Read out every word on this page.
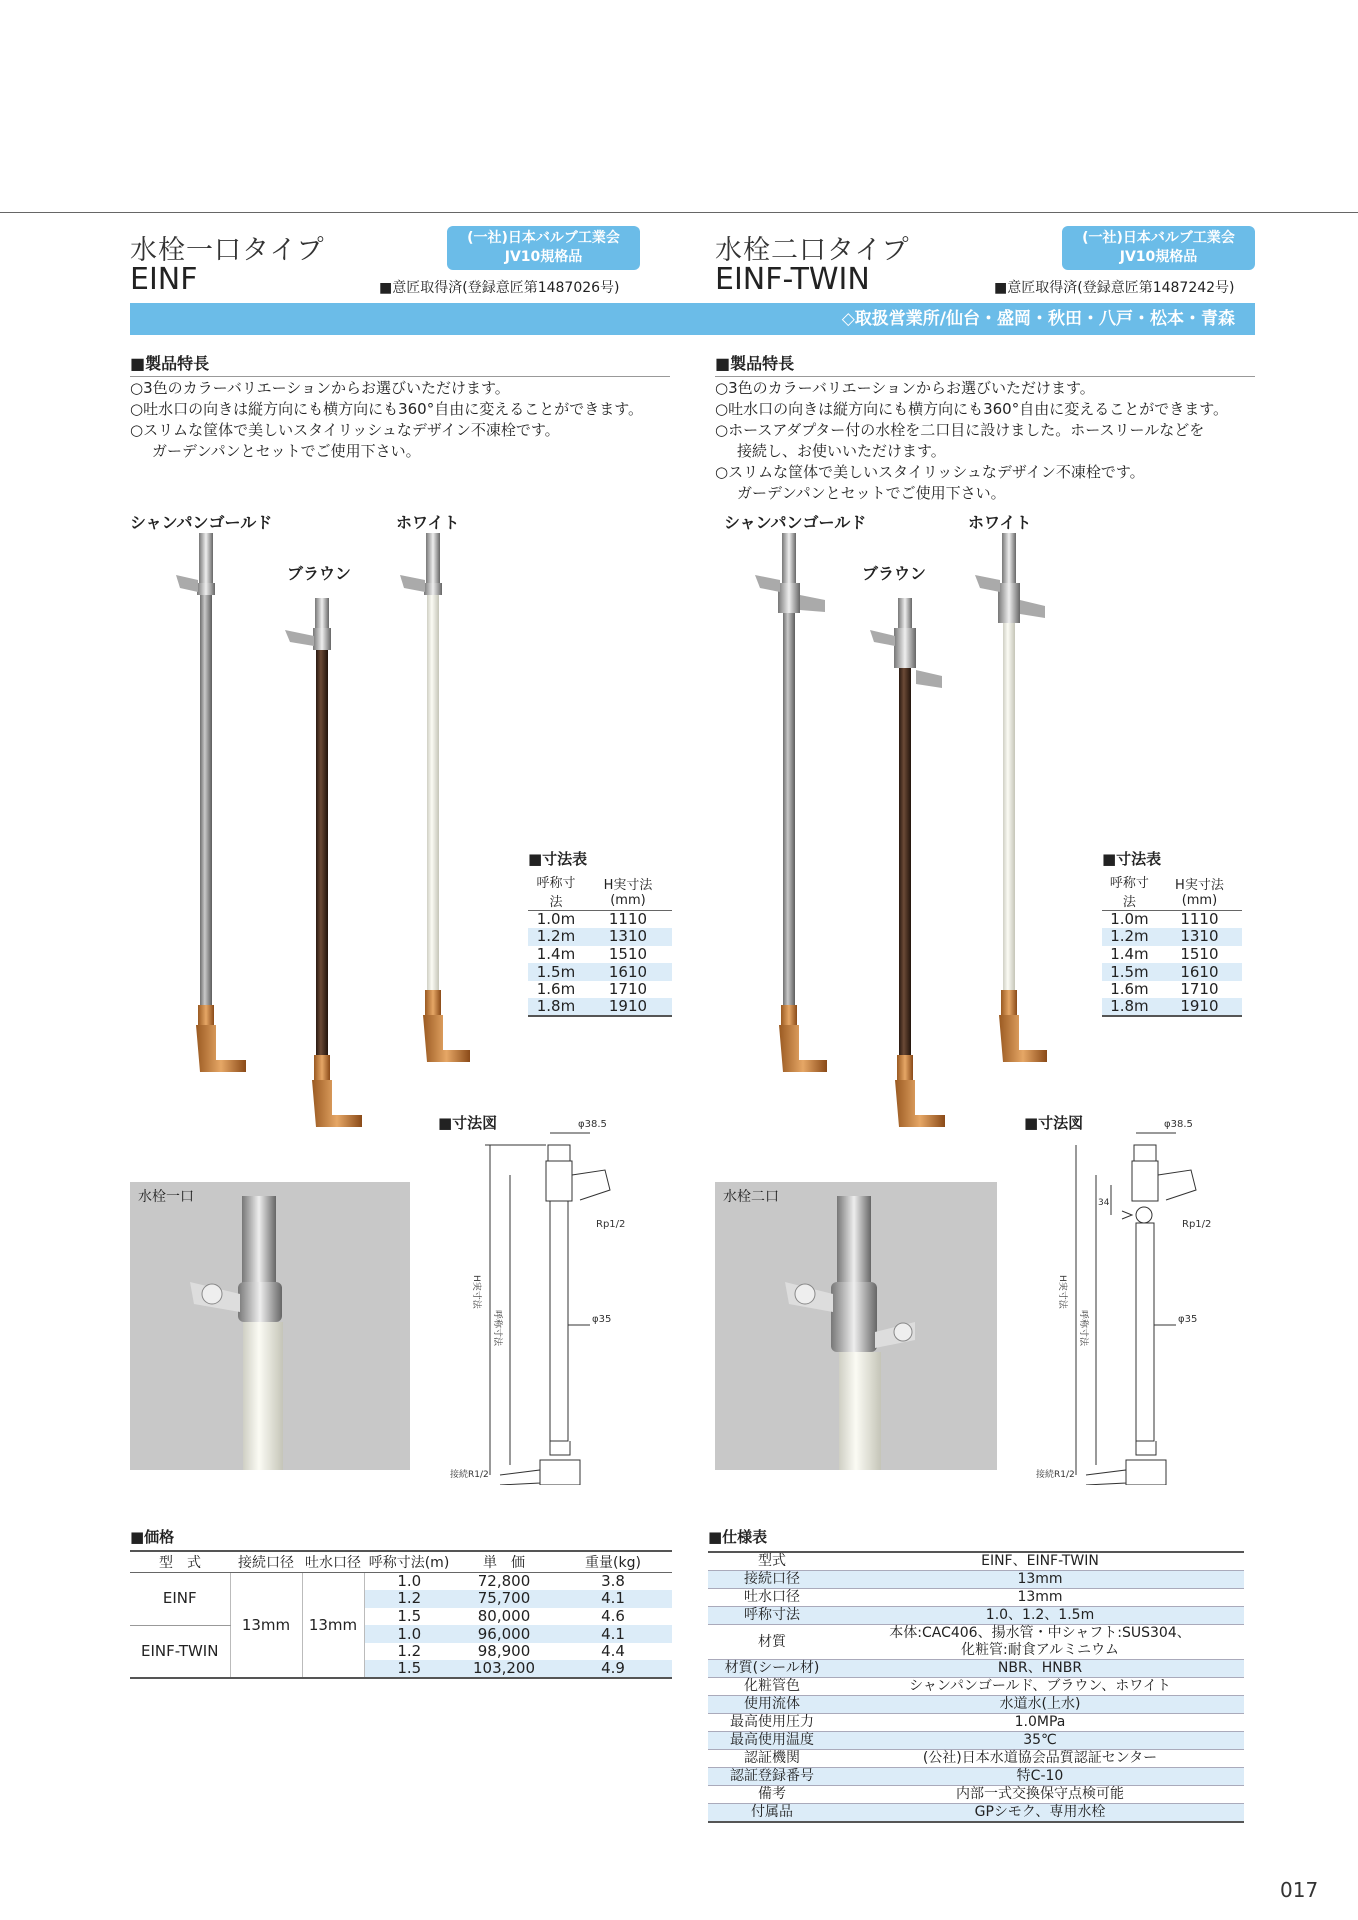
水栓一口タイプ
EINF
(一社)日本バルブ工業会
JV10規格品
■意匠取得済(登録意匠第1487026号)
水栓二口タイプ
EINF-TWIN
(一社)日本バルブ工業会
JV10規格品
■意匠取得済(登録意匠第1487242号)
◇取扱営業所/仙台・盛岡・秋田・八戸・松本・青森
■製品特長
○3色のカラーバリエーションからお選びいただけます。
○吐水口の向きは縦方向にも横方向にも360°自由に変えることができます。
○スリムな筐体で美しいスタイリッシュなデザイン不凍栓です。
ガーデンパンとセットでご使用下さい。
■製品特長
○3色のカラーバリエーションからお選びいただけます。
○吐水口の向きは縦方向にも横方向にも360°自由に変えることができます。
○ホースアダプター付の水栓を二口目に設けました。ホースリールなどを
接続し、お使いいただけます。
○スリムな筐体で美しいスタイリッシュなデザイン不凍栓です。
ガーデンパンとセットでご使用下さい。
シャンパンゴールド
ブラウン
ホワイト	シャンパンゴールド
ブラウン
ホワイト
■寸法表
呼称寸法	H実寸法(mm)
1.0m	1110
1.2m	1310
1.4m	1510
1.5m	1610
1.6m	1710
1.8m	1910
■寸法表
呼称寸法	H実寸法(mm)
1.0m	1110
1.2m	1310
1.4m	1510
1.5m	1610
1.6m	1710
1.8m	1910
■寸法図	■寸法図
水栓一口	水栓二口
φ38.5
Rp1/2
φ35
H実寸法
呼称寸法
接続R1/2
φ38.5
Rp1/2
φ35
34
H実寸法
呼称寸法
接続R1/2
■価格
型　式	接続口径	吐水口径	呼称寸法(m)	単　価	重量(kg)
EINF	13mm	13mm	1.0	72,800	3.8
			1.2	75,700	4.1
			1.5	80,000	4.6
EINF-TWIN			1.0	96,000	4.1
			1.2	98,900	4.4
			1.5	103,200	4.9
■仕様表
型式	EINF、EINF-TWIN
接続口径	13mm
吐水口径	13mm
呼称寸法	1.0、1.2、1.5m
材質	本体:CAC406、揚水管・中シャフト:SUS304、
化粧管:耐食アルミニウム

材質(シール材)	NBR、HNBR
化粧管色	シャンパンゴールド、ブラウン、ホワイト
使用流体	水道水(上水)
最高使用圧力	1.0MPa
最高使用温度	35℃
認証機関	(公社)日本水道協会品質認証センター
認証登録番号	特C-10
備考	内部一式交換保守点検可能
付属品	GPシモク、専用水栓
017
